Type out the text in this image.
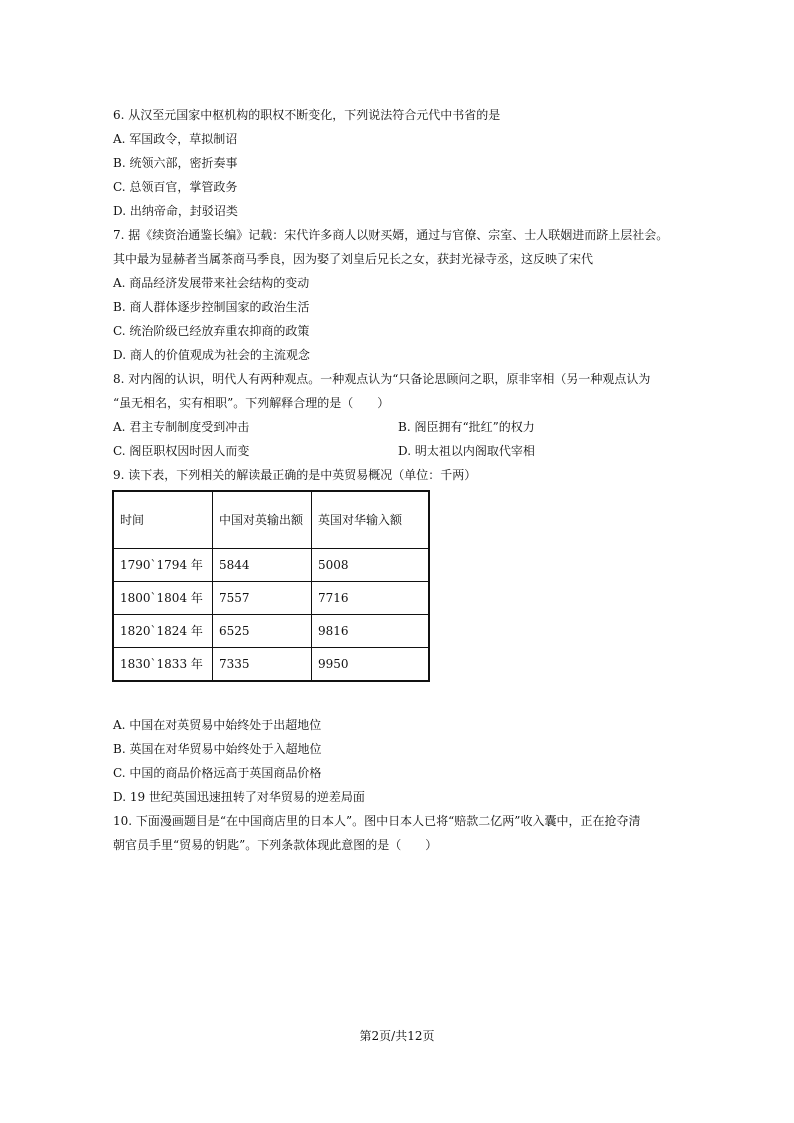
6. 从汉至元国家中枢机构的职权不断变化，下列说法符合元代中书省的是
A. 军国政令，草拟制诏
B. 统领六部，密折奏事
C. 总领百官，掌管政务
D. 出纳帝命，封驳诏类
7. 据《续资治通鉴长编》记载：宋代许多商人以财买婿，通过与官僚、宗室、士人联姻进而跻上层社会。
其中最为显赫者当属茶商马季良，因为娶了刘皇后兄长之女，获封光禄寺丞，这反映了宋代
A. 商品经济发展带来社会结构的变动
B. 商人群体逐步控制国家的政治生活
C. 统治阶级已经放弃重农抑商的政策
D. 商人的价值观成为社会的主流观念
8. 对内阁的认识，明代人有两种观点。一种观点认为“只备论思顾问之职，原非宰相（另一种观点认为
“虽无相名，实有相职”。下列解释合理的是（　　）
A. 君主专制制度受到冲击	B. 阁臣拥有“批红”的权力
C. 阁臣职权因时因人而变	D. 明太祖以内阁取代宰相
9. 读下表，下列相关的解读最正确的是中英贸易概况（单位：千两）
时间	中国对英输出额	英国对华输入额
1790`1794 年	5844	5008
1800`1804 年	7557	7716
1820`1824 年	6525	9816
1830`1833 年	7335	9950
A. 中国在对英贸易中始终处于出超地位
B. 英国在对华贸易中始终处于入超地位
C. 中国的商品价格远高于英国商品价格
D. 19 世纪英国迅速扭转了对华贸易的逆差局面
10. 下面漫画题目是“在中国商店里的日本人”。图中日本人已将“赔款二亿两”收入囊中，正在抢夺清
朝官员手里“贸易的钥匙”。下列条款体现此意图的是（　　）
第2页/共12页
